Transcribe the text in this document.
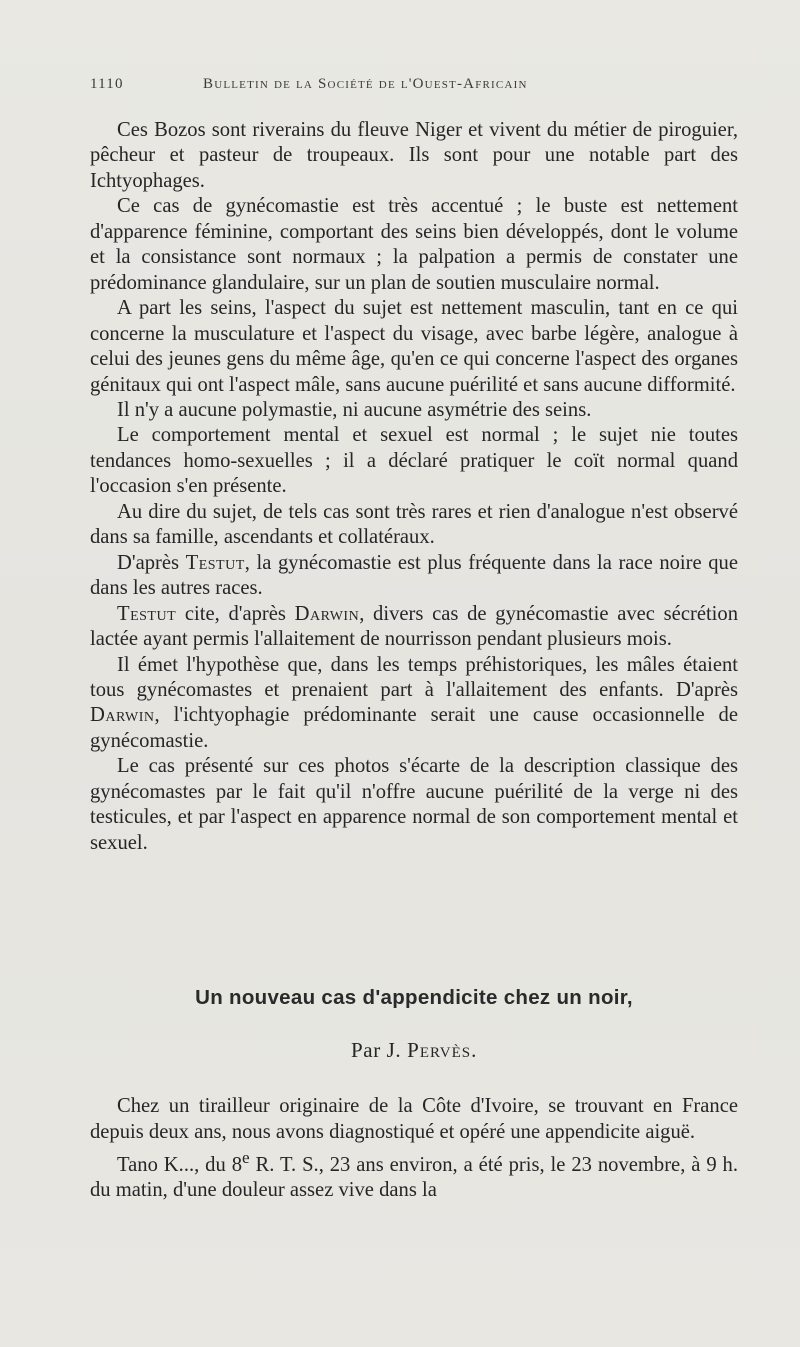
1110	Bulletin de la Société de l'Ouest-Africain

Ces Bozos sont riverains du fleuve Niger et vivent du métier de piroguier, pêcheur et pasteur de troupeaux. Ils sont pour une notable part des Ichtyophages.

Ce cas de gynécomastie est très accentué ; le buste est nettement d'apparence féminine, comportant des seins bien développés, dont le volume et la consistance sont normaux ; la palpation a permis de constater une prédominance glandulaire, sur un plan de soutien musculaire normal.

A part les seins, l'aspect du sujet est nettement masculin, tant en ce qui concerne la musculature et l'aspect du visage, avec barbe légère, analogue à celui des jeunes gens du même âge, qu'en ce qui concerne l'aspect des organes génitaux qui ont l'aspect mâle, sans aucune puérilité et sans aucune difformité.

Il n'y a aucune polymastie, ni aucune asymétrie des seins.

Le comportement mental et sexuel est normal ; le sujet nie toutes tendances homo-sexuelles ; il a déclaré pratiquer le coït normal quand l'occasion s'en présente.

Au dire du sujet, de tels cas sont très rares et rien d'analogue n'est observé dans sa famille, ascendants et collatéraux.

D'après Testut, la gynécomastie est plus fréquente dans la race noire que dans les autres races.

Testut cite, d'après Darwin, divers cas de gynécomastie avec sécrétion lactée ayant permis l'allaitement de nourrisson pendant plusieurs mois.

Il émet l'hypothèse que, dans les temps préhistoriques, les mâles étaient tous gynécomastes et prenaient part à l'allaitement des enfants. D'après Darwin, l'ichtyophagie prédominante serait une cause occasionnelle de gynécomastie.

Le cas présenté sur ces photos s'écarte de la description classique des gynécomastes par le fait qu'il n'offre aucune puérilité de la verge ni des testicules, et par l'aspect en apparence normal de son comportement mental et sexuel.

Un nouveau cas d'appendicite chez un noir,
Par J. Pervès.

Chez un tirailleur originaire de la Côte d'Ivoire, se trouvant en France depuis deux ans, nous avons diagnostiqué et opéré une appendicite aiguë.

Tano K..., du 8e R. T. S., 23 ans environ, a été pris, le 23 novembre, à 9 h. du matin, d'une douleur assez vive dans la
